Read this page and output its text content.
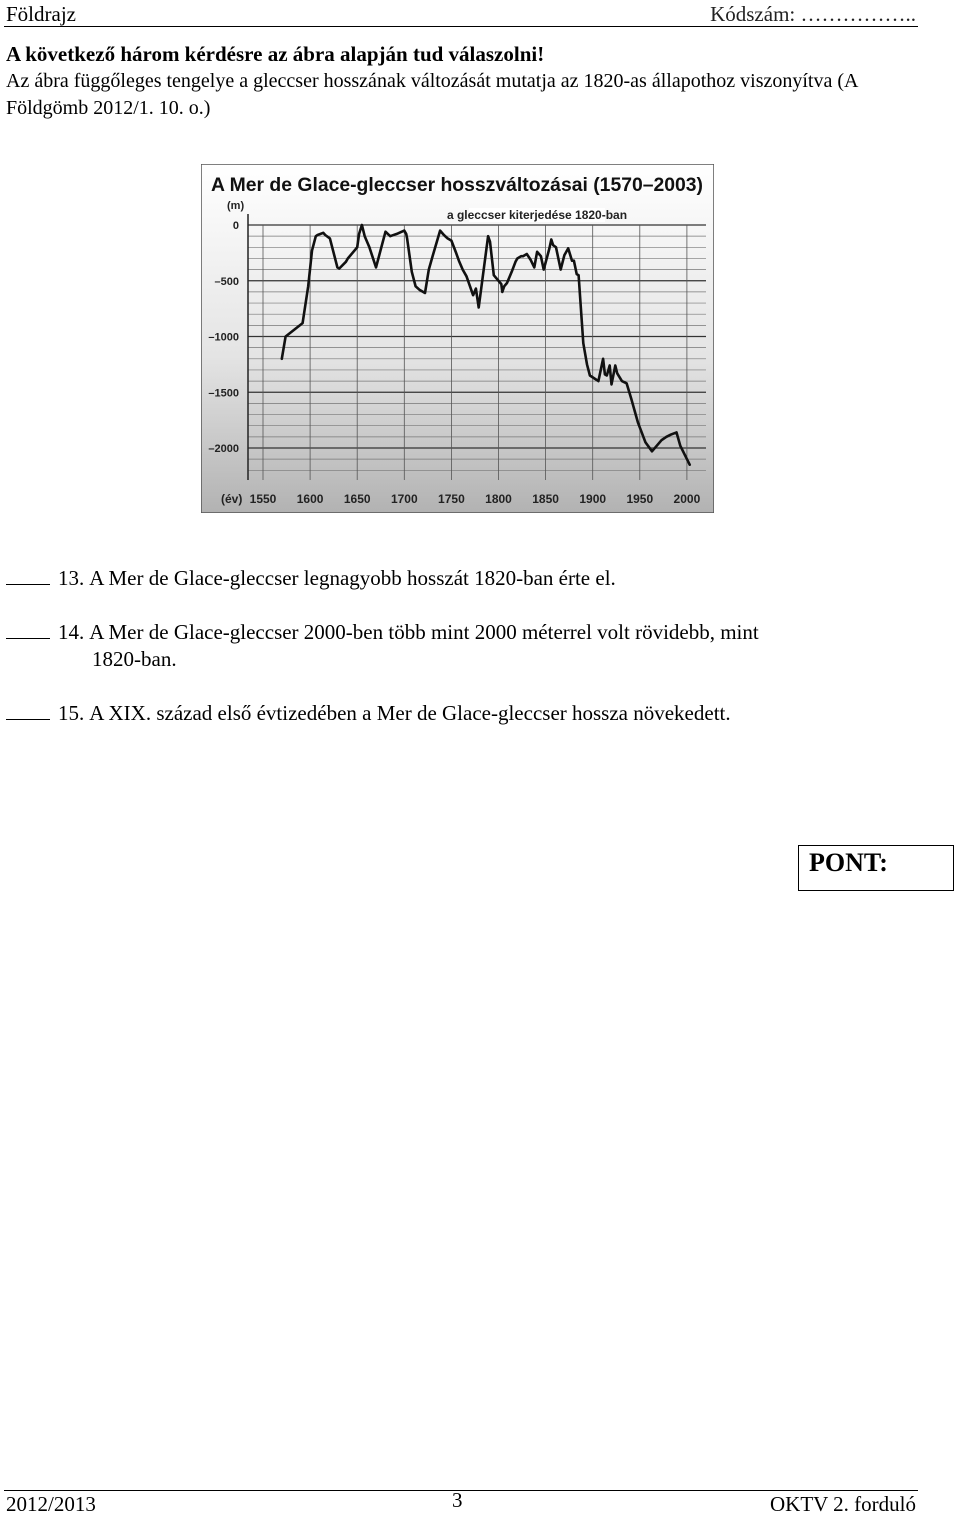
Földrajz	Kódszám: ……………..
A következő három kérdésre az ábra alapján tud válaszolni!
Az ábra függőleges tengelye a gleccser hosszának változását mutatja az 1820-as állapothoz viszonyítva (A Földgömb 2012/1. 10. o.)
a gleccser kiterjedése 1820-ban
0
–500
–1000
–1500
–2000
1550 1600 1650 1700 1750 1800 1850 1900 1950 2000
A Mer de Glace-gleccser hosszváltozásai (1570–2003)
(m)
(év)
13. A Mer de Glace-gleccser legnagyobb hosszát 1820-ban érte el.
14. A Mer de Glace-gleccser 2000-ben több mint 2000 méterrel volt rövidebb, mint
1820-ban.
15. A XIX. század első évtizedében a Mer de Glace-gleccser hossza növekedett.
PONT:
2012/2013	3	OKTV 2. forduló
